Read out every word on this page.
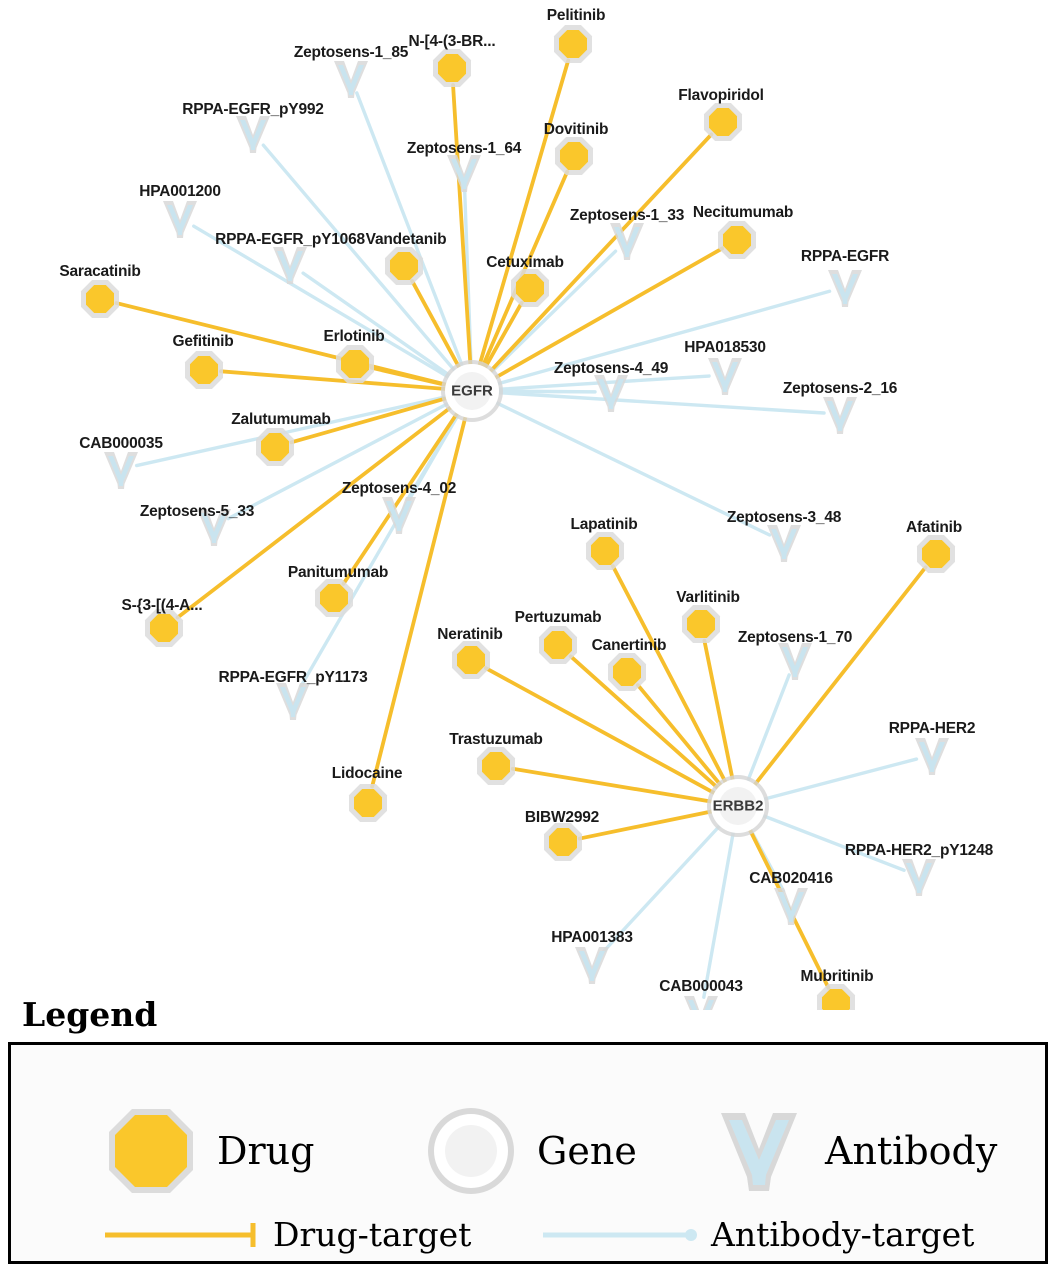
Pelitinib
N-[4-(3-BR...
Flavopiridol
Dovitinib
Necitumumab
Vandetanib
Cetuximab
Saracatinib
Erlotinib
Gefitinib
Zalutumumab
Lapatinib	Afatinib
Panitumumab
Varlitinib
S-{3-[(4-A...
Pertuzumab
Neratinib
Canertinib
Trastuzumab
Lidocaine
BIBW2992
Mubritinib
Zeptosens-1_85
RPPA-EGFR_pY992
Zeptosens-1_64
HPA001200
Zeptosens-1_33
RPPA-EGFR_pY1068
RPPA-EGFR
HPA018530
Zeptosens-4_49
Zeptosens-2_16
CAB000035
Zeptosens-4_02
Zeptosens-5_33	Zeptosens-3_48
Zeptosens-1_70
RPPA-EGFR_pY1173
RPPA-HER2
RPPA-HER2_pY1248
CAB020416
HPA001383
CAB000043
EGFR
ERBB2
Legend
Drug	Gene	Antibody
Drug-target	Antibody-target
